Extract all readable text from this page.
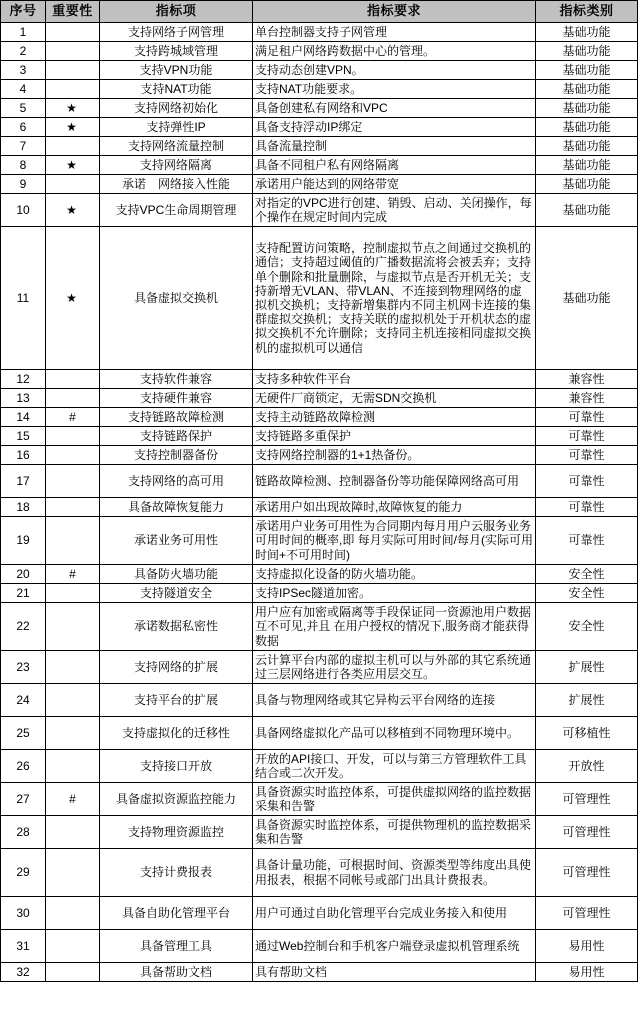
序号	重要性	指标项	指标要求	指标类别
1		支持网络子网管理	单台控制器支持子网管理	基础功能
2		支持跨城域管理	满足租户网络跨数据中心的管理。	基础功能
3		支持VPN功能	支持动态创建VPN。	基础功能
4		支持NAT功能	支持NAT功能要求。	基础功能
5	★	支持网络初始化	具备创建私有网络和VPC	基础功能
6	★	支持弹性IP	具备支持浮动IP绑定	基础功能
7		支持网络流量控制	具备流量控制	基础功能
8	★	支持网络隔离	具备不同租户私有网络隔离	基础功能
9		承诺　网络接入性能	承诺用户能达到的网络带宽	基础功能
10	★	支持VPC生命周期管理	对指定的VPC进行创建、销毁、启动、关闭操作，每个操作在规定时间内完成	基础功能
11	★	具备虚拟交换机	支持配置访问策略，控制虚拟节点之间通过交换机的通信；支持超过阈值的广播数据流将会被丢弃；支持单个删除和批量删除，与虚拟节点是否开机无关；支持新增无VLAN、带VLAN、不连接到物理网络的虚拟机交换机；支持新增集群内不同主机网卡连接的集群虚拟交换机；支持关联的虚拟机处于开机状态的虚拟交换机不允许删除；支持同主机连接相同虚拟交换机的虚拟机可以通信	基础功能
12		支持软件兼容	支持多种软件平台	兼容性
13		支持硬件兼容	无硬件厂商锁定，无需SDN交换机	兼容性
14	#	支持链路故障检测	支持主动链路故障检测	可靠性
15		支持链路保护	支持链路多重保护	可靠性
16		支持控制器备份	支持网络控制器的1+1热备份。	可靠性
17		支持网络的高可用	链路故障检测、控制器备份等功能保障网络高可用	可靠性
18		具备故障恢复能力	承诺用户如出现故障时,故障恢复的能力	可靠性
19		承诺业务可用性	承诺用户业务可用性为合同期内每月用户云服务业务可用时间的概率,即 每月实际可用时间/每月(实际可用时间+不可用时间)	可靠性
20	#	具备防火墙功能	支持虚拟化设备的防火墙功能。	安全性
21		支持隧道安全	支持IPSec隧道加密。	安全性
22		承诺数据私密性	用户应有加密或隔离等手段保证同一资源池用户数据互不可见,并且 在用户授权的情况下,服务商才能获得数据	安全性
23		支持网络的扩展	云计算平台内部的虚拟主机可以与外部的其它系统通过三层网络进行各类应用层交互。	扩展性
24		支持平台的扩展	具备与物理网络或其它异构云平台网络的连接	扩展性
25		支持虚拟化的迁移性	具备网络虚拟化产品可以移植到不同物理环境中。	可移植性
26		支持接口开放	开放的API接口、开发，可以与第三方管理软件工具结合或二次开发。	开放性
27	#	具备虚拟资源监控能力	具备资源实时监控体系，可提供虚拟网络的监控数据采集和告警	可管理性
28		支持物理资源监控	具备资源实时监控体系，可提供物理机的监控数据采集和告警	可管理性
29		支持计费报表	具备计量功能，可根据时间、资源类型等纬度出具使用报表，根据不同帐号或部门出具计费报表。	可管理性
30		具备自助化管理平台	用户可通过自助化管理平台完成业务接入和使用	可管理性
31		具备管理工具	通过Web控制台和手机客户端登录虚拟机管理系统	易用性
32		具备帮助文档	具有帮助文档	易用性
